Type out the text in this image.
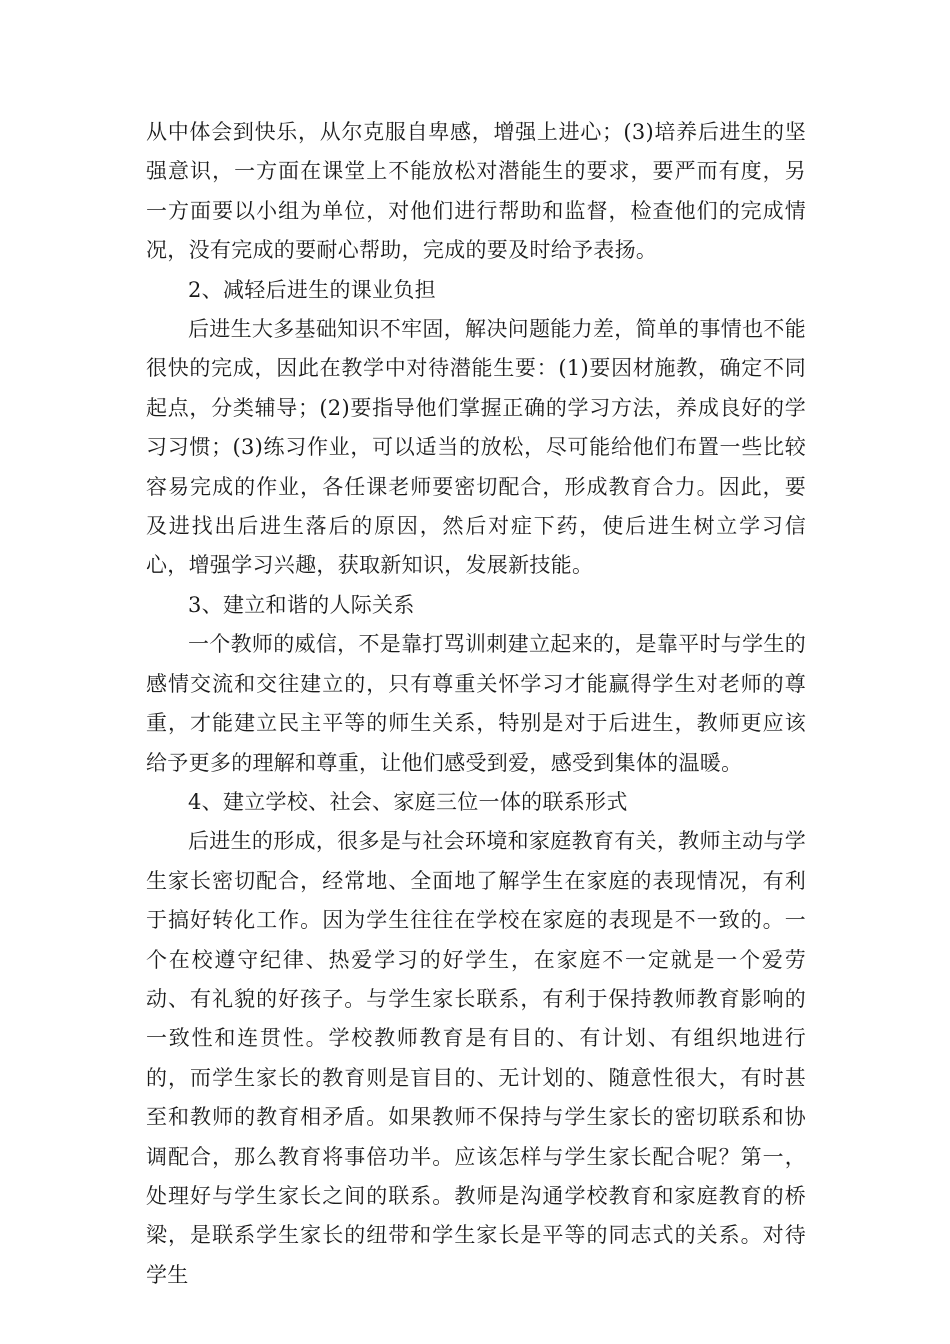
从中体会到快乐，从尔克服自卑感，增强上进心；(3)培养后进生的坚强意识，一方面在课堂上不能放松对潜能生的要求，要严而有度，另一方面要以小组为单位，对他们进行帮助和监督，检查他们的完成情况，没有完成的要耐心帮助，完成的要及时给予表扬。

2、减轻后进生的课业负担

后进生大多基础知识不牢固，解决问题能力差，简单的事情也不能很快的完成，因此在教学中对待潜能生要：(1)要因材施教，确定不同起点，分类辅导；(2)要指导他们掌握正确的学习方法，养成良好的学习习惯；(3)练习作业，可以适当的放松，尽可能给他们布置一些比较容易完成的作业，各任课老师要密切配合，形成教育合力。因此，要及进找出后进生落后的原因，然后对症下药，使后进生树立学习信心，增强学习兴趣，获取新知识，发展新技能。

3、建立和谐的人际关系

一个教师的威信，不是靠打骂训刺建立起来的，是靠平时与学生的感情交流和交往建立的，只有尊重关怀学习才能赢得学生对老师的尊重，才能建立民主平等的师生关系，特别是对于后进生，教师更应该给予更多的理解和尊重，让他们感受到爱，感受到集体的温暖。

4、建立学校、社会、家庭三位一体的联系形式

后进生的形成，很多是与社会环境和家庭教育有关，教师主动与学生家长密切配合，经常地、全面地了解学生在家庭的表现情况，有利于搞好转化工作。因为学生往往在学校在家庭的表现是不一致的。一个在校遵守纪律、热爱学习的好学生，在家庭不一定就是一个爱劳动、有礼貌的好孩子。与学生家长联系，有利于保持教师教育影响的一致性和连贯性。学校教师教育是有目的、有计划、有组织地进行的，而学生家长的教育则是盲目的、无计划的、随意性很大，有时甚至和教师的教育相矛盾。如果教师不保持与学生家长的密切联系和协调配合，那么教育将事倍功半。应该怎样与学生家长配合呢？第一，处理好与学生家长之间的联系。教师是沟通学校教育和家庭教育的桥梁，是联系学生家长的纽带和学生家长是平等的同志式的关系。对待学生
